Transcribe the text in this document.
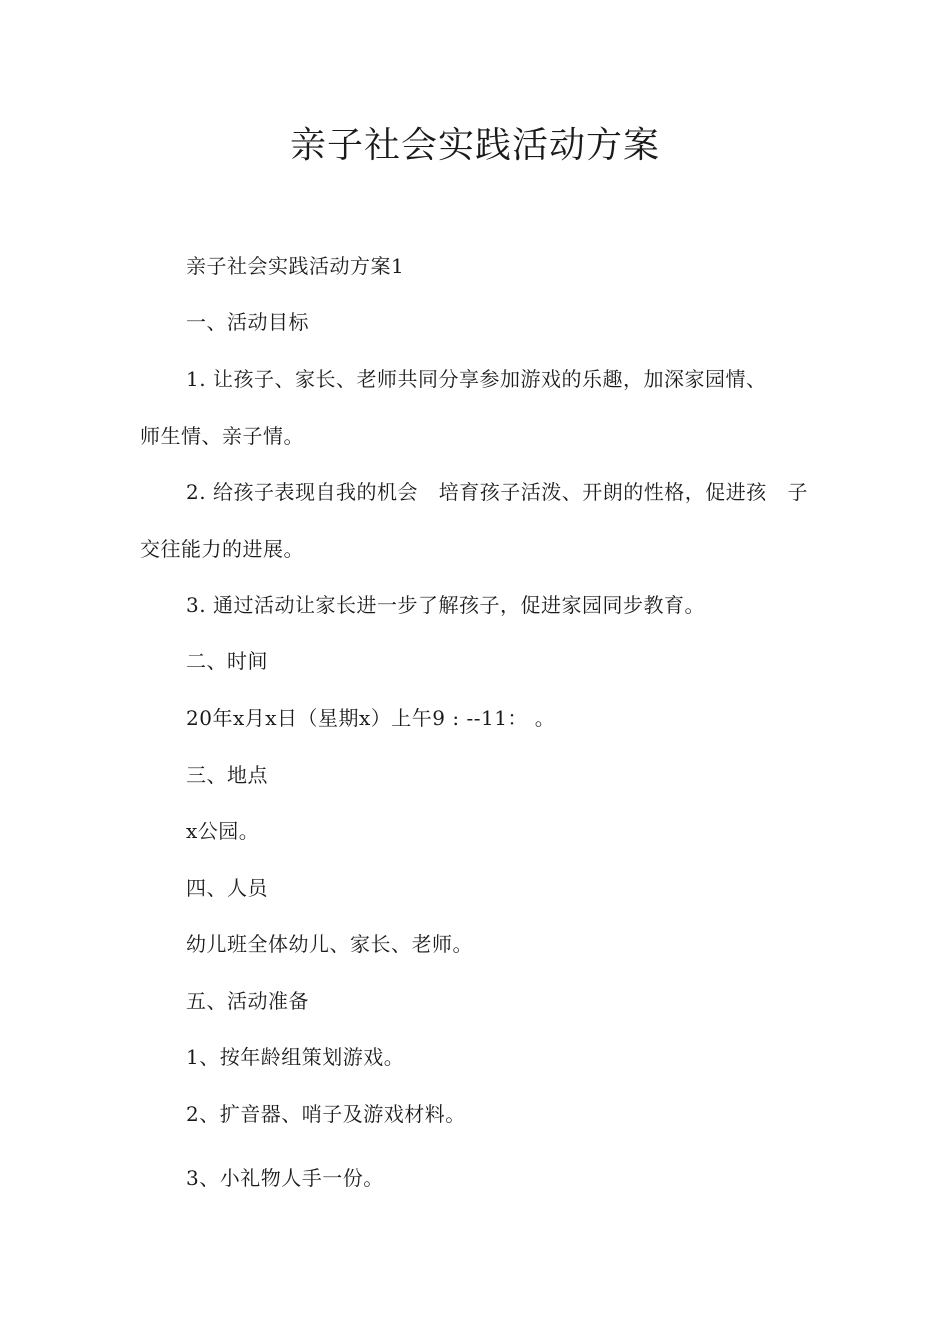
亲子社会实践活动方案
亲子社会实践活动方案1
一、活动目标
1. 让孩子、家长、老师共同分享参加游戏的乐趣，加深家园情、
师生情、亲子情。
2. 给孩子表现自我的机会 培育孩子活泼、开朗的性格，促进孩 子
交往能力的进展。
3. 通过活动让家长进一步了解孩子，促进家园同步教育。
二、时间
20年x月x日（星期x）上午9 : --11： 。
三、地点
x公园。
四、人员
幼儿班全体幼儿、家长、老师。
五、活动准备
1、按年龄组策划游戏。
2、扩音器、哨子及游戏材料。
3、小礼物人手一份。
